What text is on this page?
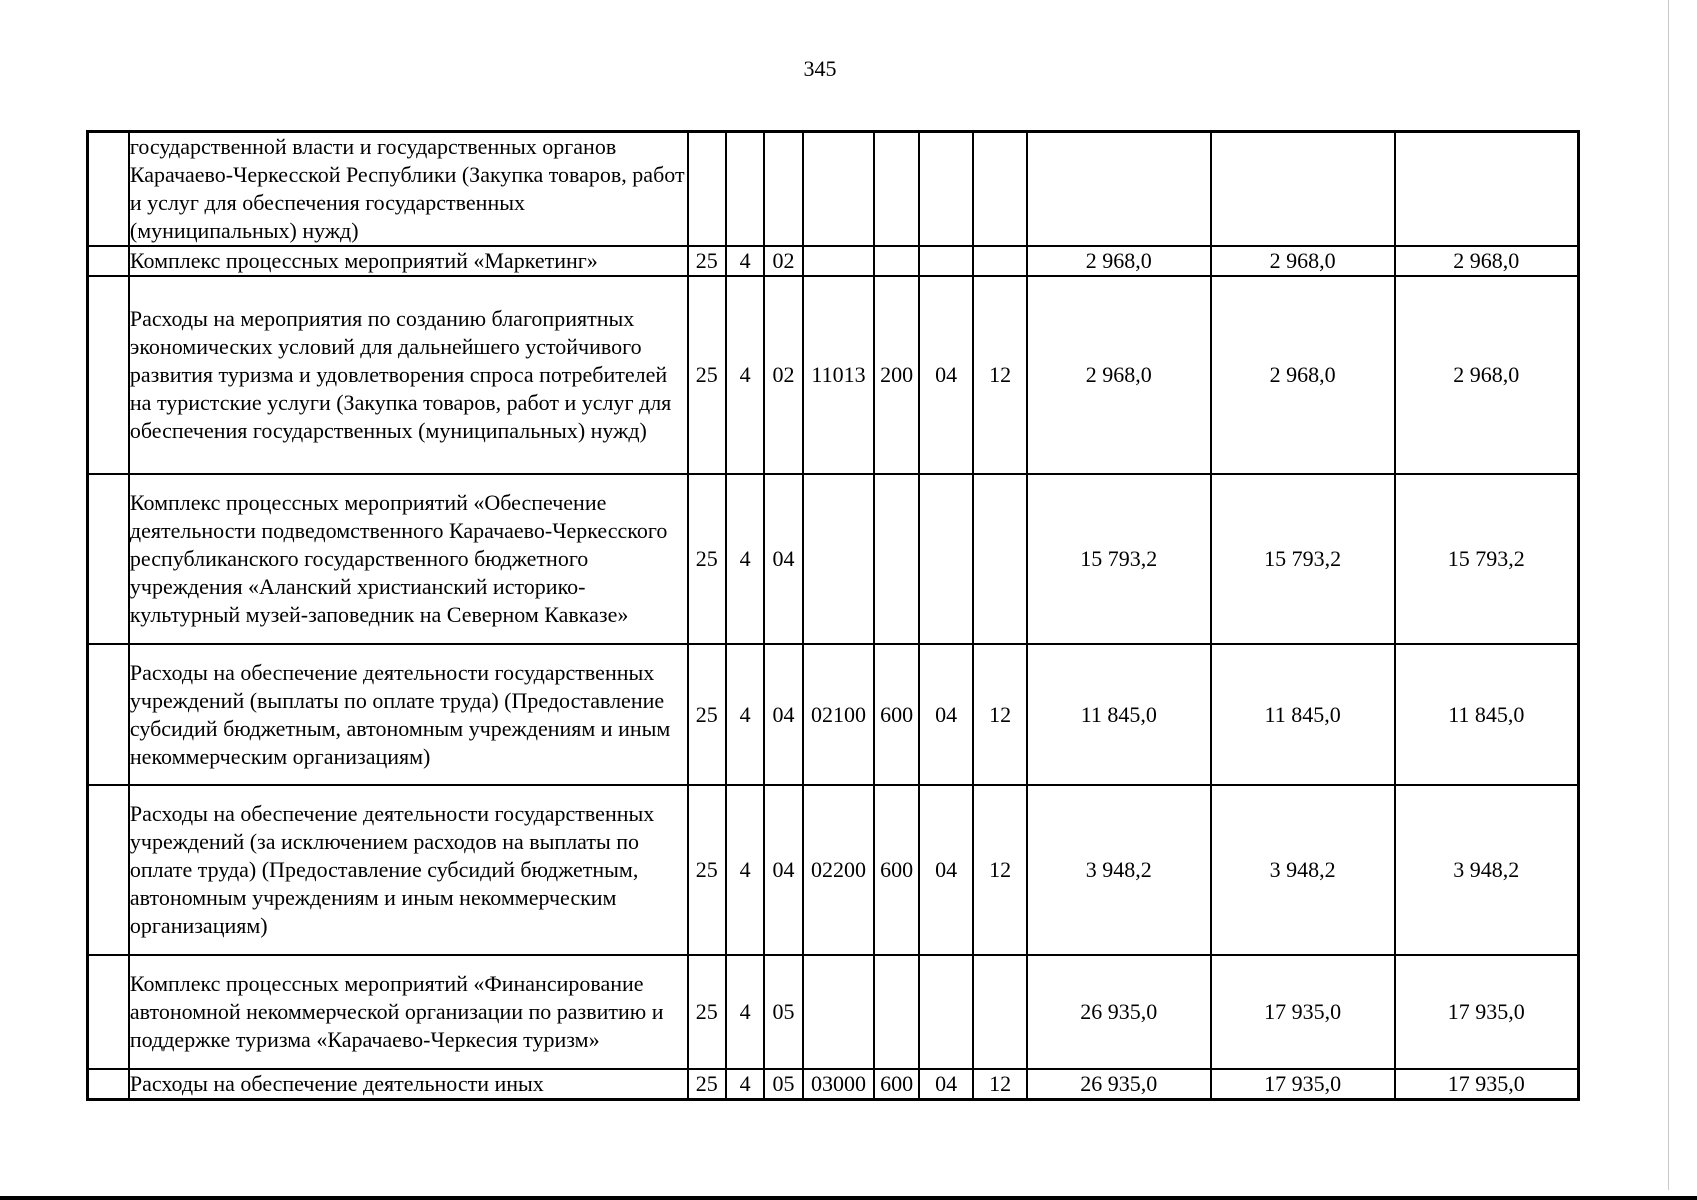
345
	государственной власти и государственных органов Карачаево-Черкесской Республики (Закупка товаров, работ и услуг для обеспечения государственных (муниципальных) нужд)										
	Комплекс процессных мероприятий «Маркетинг»	25	4	02					2 968,0	2 968,0	2 968,0
	Расходы на мероприятия по созданию благоприятных экономических условий для дальнейшего устойчивого развития туризма и удовлетворения спроса потребителей на туристские услуги (Закупка товаров, работ и услуг для обеспечения государственных (муниципальных) нужд)	25	4	02	11013	200	04	12	2 968,0	2 968,0	2 968,0
	Комплекс процессных мероприятий «Обеспечение деятельности подведомственного Карачаево-Черкесского республиканского государственного бюджетного учреждения «Аланский христианский историко-культурный музей-заповедник на Северном Кавказе»	25	4	04					15 793,2	15 793,2	15 793,2
	Расходы на обеспечение деятельности государственных учреждений (выплаты по оплате труда) (Предоставление субсидий бюджетным, автономным учреждениям и иным некоммерческим организациям)	25	4	04	02100	600	04	12	11 845,0	11 845,0	11 845,0
	Расходы на обеспечение деятельности государственных учреждений (за исключением расходов на выплаты по оплате труда) (Предоставление субсидий бюджетным, автономным учреждениям и иным некоммерческим организациям)	25	4	04	02200	600	04	12	3 948,2	3 948,2	3 948,2
	Комплекс процессных мероприятий «Финансирование автономной некоммерческой организации по развитию и поддержке туризма «Карачаево-Черкесия туризм»	25	4	05					26 935,0	17 935,0	17 935,0
	Расходы на обеспечение деятельности иных	25	4	05	03000	600	04	12	26 935,0	17 935,0	17 935,0
